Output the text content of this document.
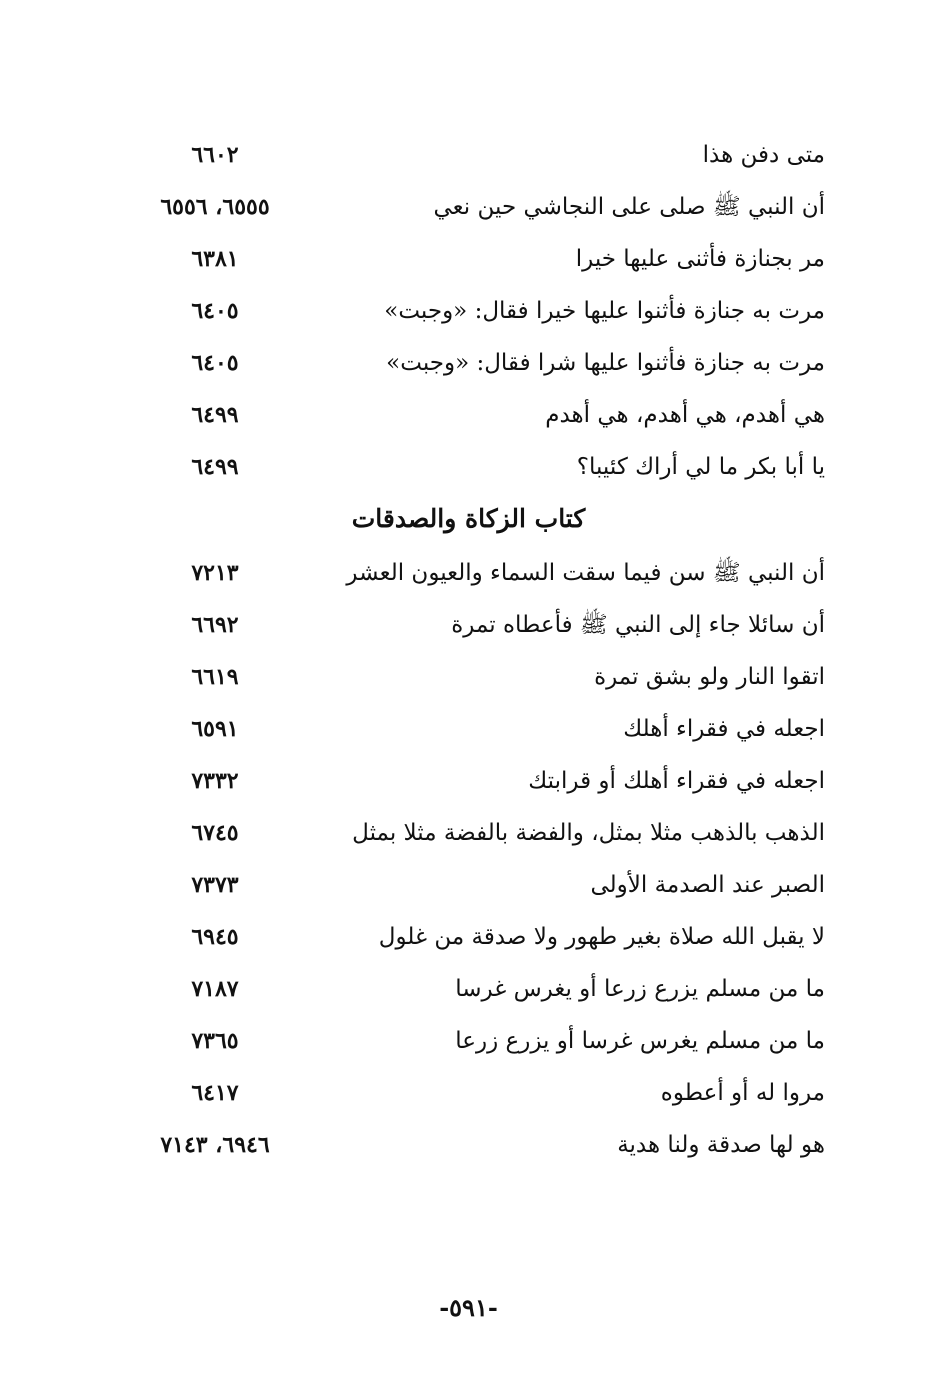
متى دفن هذا
٦٦٠٢
أن النبي ﷺ صلى على النجاشي حين نعي
٦٥٥٥، ٦٥٥٦
مر بجنازة فأثنى عليها خيرا
٦٣٨١
مرت به جنازة فأثنوا عليها خيرا فقال: «وجبت»
٦٤٠٥
مرت به جنازة فأثنوا عليها شرا فقال: «وجبت»
٦٤٠٥
هي أهدم، هي أهدم، هي أهدم
٦٤٩٩
يا أبا بكر ما لي أراك كئيبا؟
٦٤٩٩
كتاب الزكاة والصدقات
أن النبي ﷺ سن فيما سقت السماء والعيون العشر
٧٢١٣
أن سائلا جاء إلى النبي ﷺ فأعطاه تمرة
٦٦٩٢
اتقوا النار ولو بشق تمرة
٦٦١٩
اجعله في فقراء أهلك
٦٥٩١
اجعله في فقراء أهلك أو قرابتك
٧٣٣٢
الذهب بالذهب مثلا بمثل، والفضة بالفضة مثلا بمثل
٦٧٤٥
الصبر عند الصدمة الأولى
٧٣٧٣
لا يقبل الله صلاة بغير طهور ولا صدقة من غلول
٦٩٤٥
ما من مسلم يزرع زرعا أو يغرس غرسا
٧١٨٧
ما من مسلم يغرس غرسا أو يزرع زرعا
٧٣٦٥
مروا له أو أعطوه
٦٤١٧
هو لها صدقة ولنا هدية
٦٩٤٦، ٧١٤٣
-٥٩١-
